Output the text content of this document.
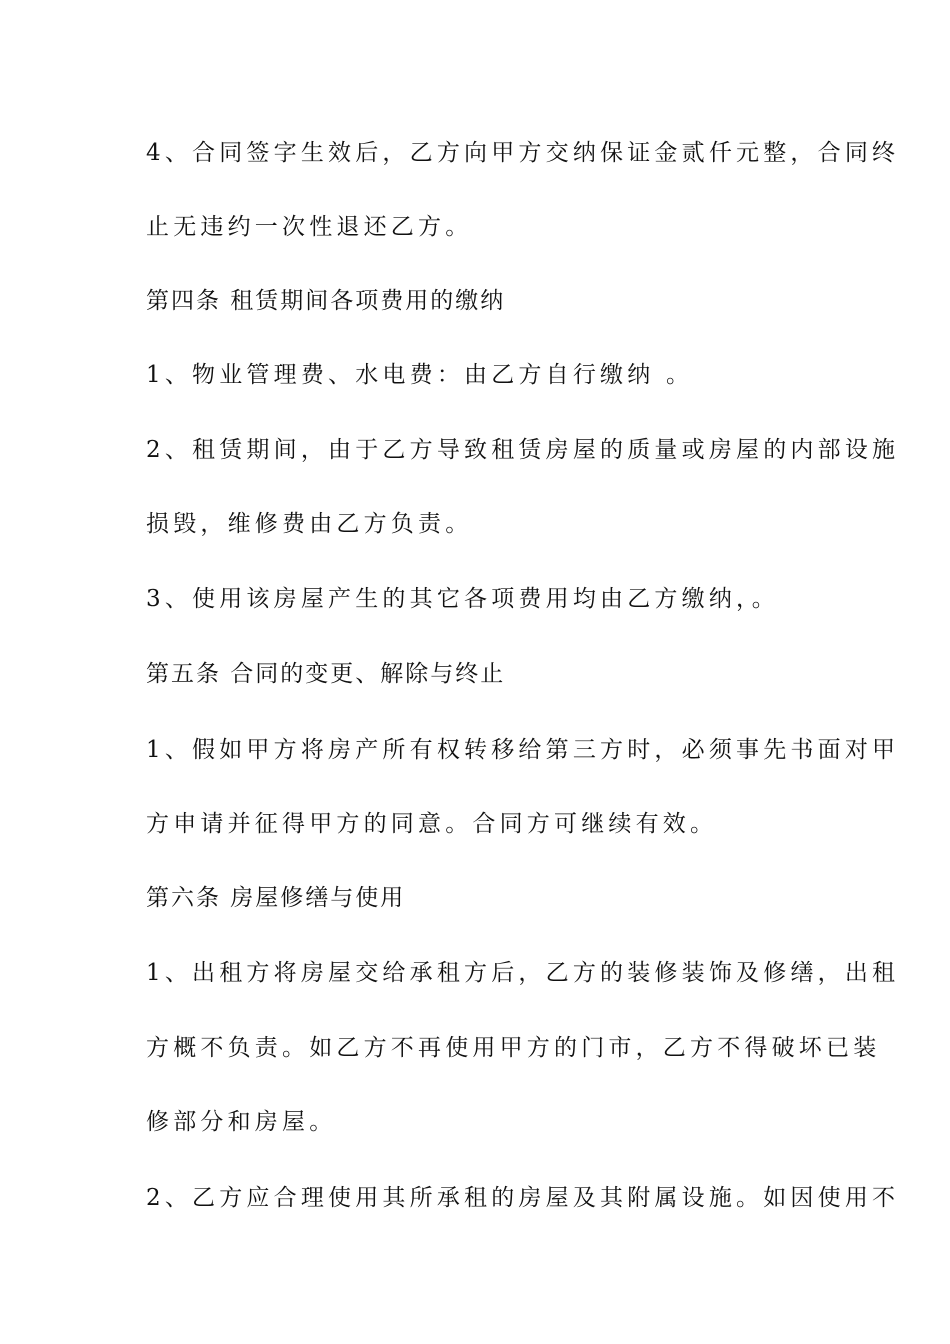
4、合同签字生效后，乙方向甲方交纳保证金贰仟元整，合同终
止无违约一次性退还乙方。
第四条 租赁期间各项费用的缴纳
1、物业管理费、水电费：由乙方自行缴纳 。
2、租赁期间，由于乙方导致租赁房屋的质量或房屋的内部设施
损毁，维修费由乙方负责。
3、使用该房屋产生的其它各项费用均由乙方缴纳，。
第五条 合同的变更、解除与终止
1、假如甲方将房产所有权转移给第三方时，必须事先书面对甲
方申请并征得甲方的同意。合同方可继续有效。
第六条 房屋修缮与使用
1、出租方将房屋交给承租方后，乙方的装修装饰及修缮，出租
方概不负责。如乙方不再使用甲方的门市，乙方不得破坏已装
修部分和房屋。
2、乙方应合理使用其所承租的房屋及其附属设施。如因使用不
